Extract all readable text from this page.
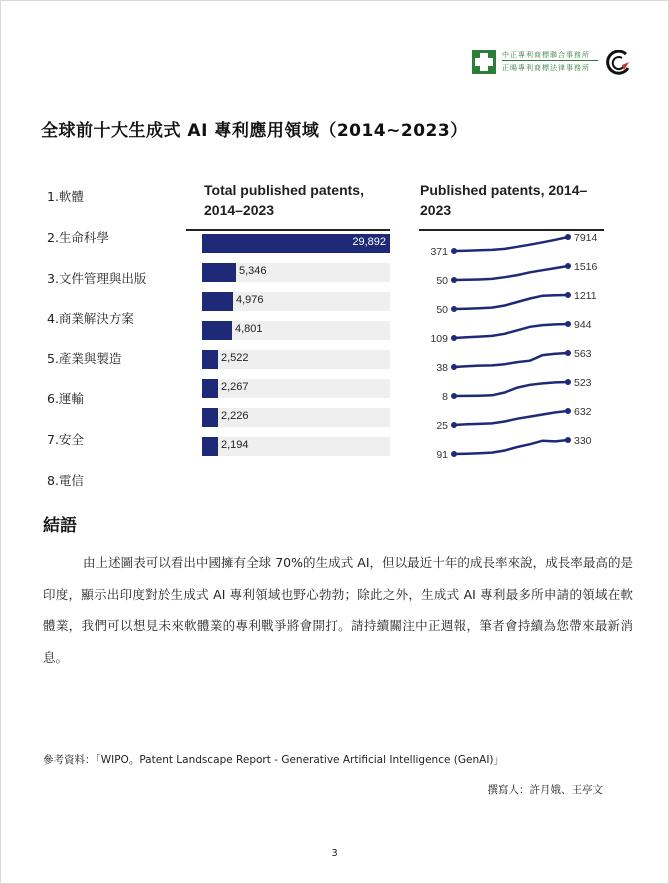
中正專利商標聯合事務所
正暘專利商標法律事務所
全球前十大生成式 AI 專利應用領域（2014~2023）
1.軟體
2.生命科學
3.文件管理與出版
4.商業解決方案
5.產業與製造
6.運輸
7.安全
8.電信
Total published patents,
2014–2023
Published patents, 2014–
2023
29,892
5,346
4,976
4,801
2,522
2,267
2,226
2,194
371
7914
50
1516
50
1211
109
944
38
563
8
523
25
632
91
330
結語
由上述圖表可以看出中國擁有全球 70%的生成式 AI，但以最近十年的成長率來說，成長率最高的是印度，顯示出印度對於生成式 AI 專利領域也野心勃勃；除此之外，生成式 AI 專利最多所申請的領域在軟體業，我們可以想見未來軟體業的專利戰爭將會開打。請持續關注中正週報，筆者會持續為您帶來最新消息。
參考資料：「WIPO。Patent Landscape Report - Generative Artificial Intelligence (GenAI)」
撰寫人：許月娥、王亭文
3
